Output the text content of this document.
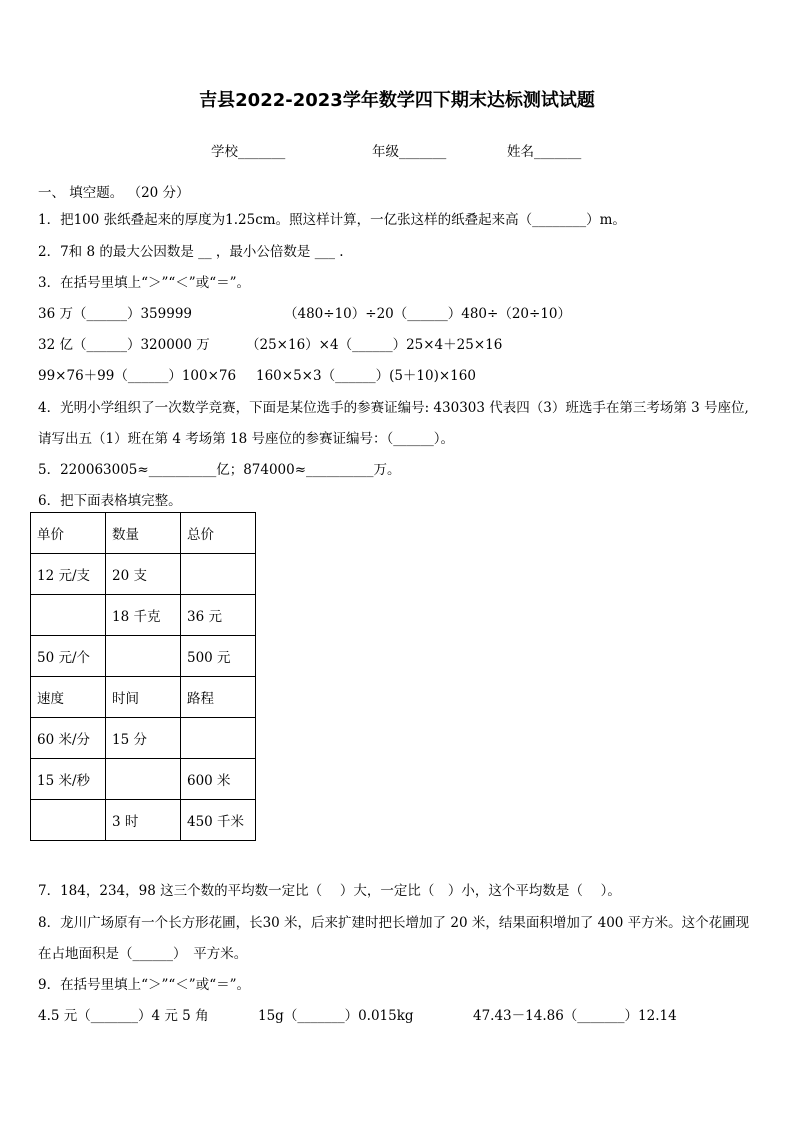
吉县2022-2023学年数学四下期末达标测试试题
学校_______	年级_______	姓名_______
一、 填空题。 （20 分）
1．把100 张纸叠起来的厚度为1.25cm。照这样计算，一亿张这样的纸叠起来高（________）m。
2．7和 8 的最大公因数是 __ ，最小公倍数是 ___ .
3．在括号里填上“＞”“＜”或“＝”。
36 万（______）359999	（480÷10）÷20（______）480÷（20÷10）
32 亿（______）320000 万	（25×16）×4（______）25×4＋25×16
99×76＋99（______）100×76 160×5×3（______）(5＋10)×160
4．光明小学组织了一次数学竞赛，下面是某位选手的参赛证编号: 430303 代表四（3）班选手在第三考场第 3 号座位,
请写出五（1）班在第 4 考场第 18 号座位的参赛证编号：（______）。
5．220063005≈__________亿；874000≈__________万。
6．把下面表格填完整。
单价	数量	总价
12 元/支	20 支	
	18 千克	36 元
50 元/个		500 元
速度	时间	路程
60 米/分	15 分	
15 米/秒		600 米
	3 时	450 千米
7．184，234，98 这三个数的平均数一定比（　 ）大，一定比（　）小，这个平均数是（　 ）。
8．龙川广场原有一个长方形花圃，长30 米，后来扩建时把长增加了 20 米，结果面积增加了 400 平方米。这个花圃现
在占地面积是（______）　平方米。
9．在括号里填上“＞”“＜”或“＝”。
4.5 元（_______）4 元 5 角	15g（_______）0.015kg	47.43－14.86（_______）12.14
